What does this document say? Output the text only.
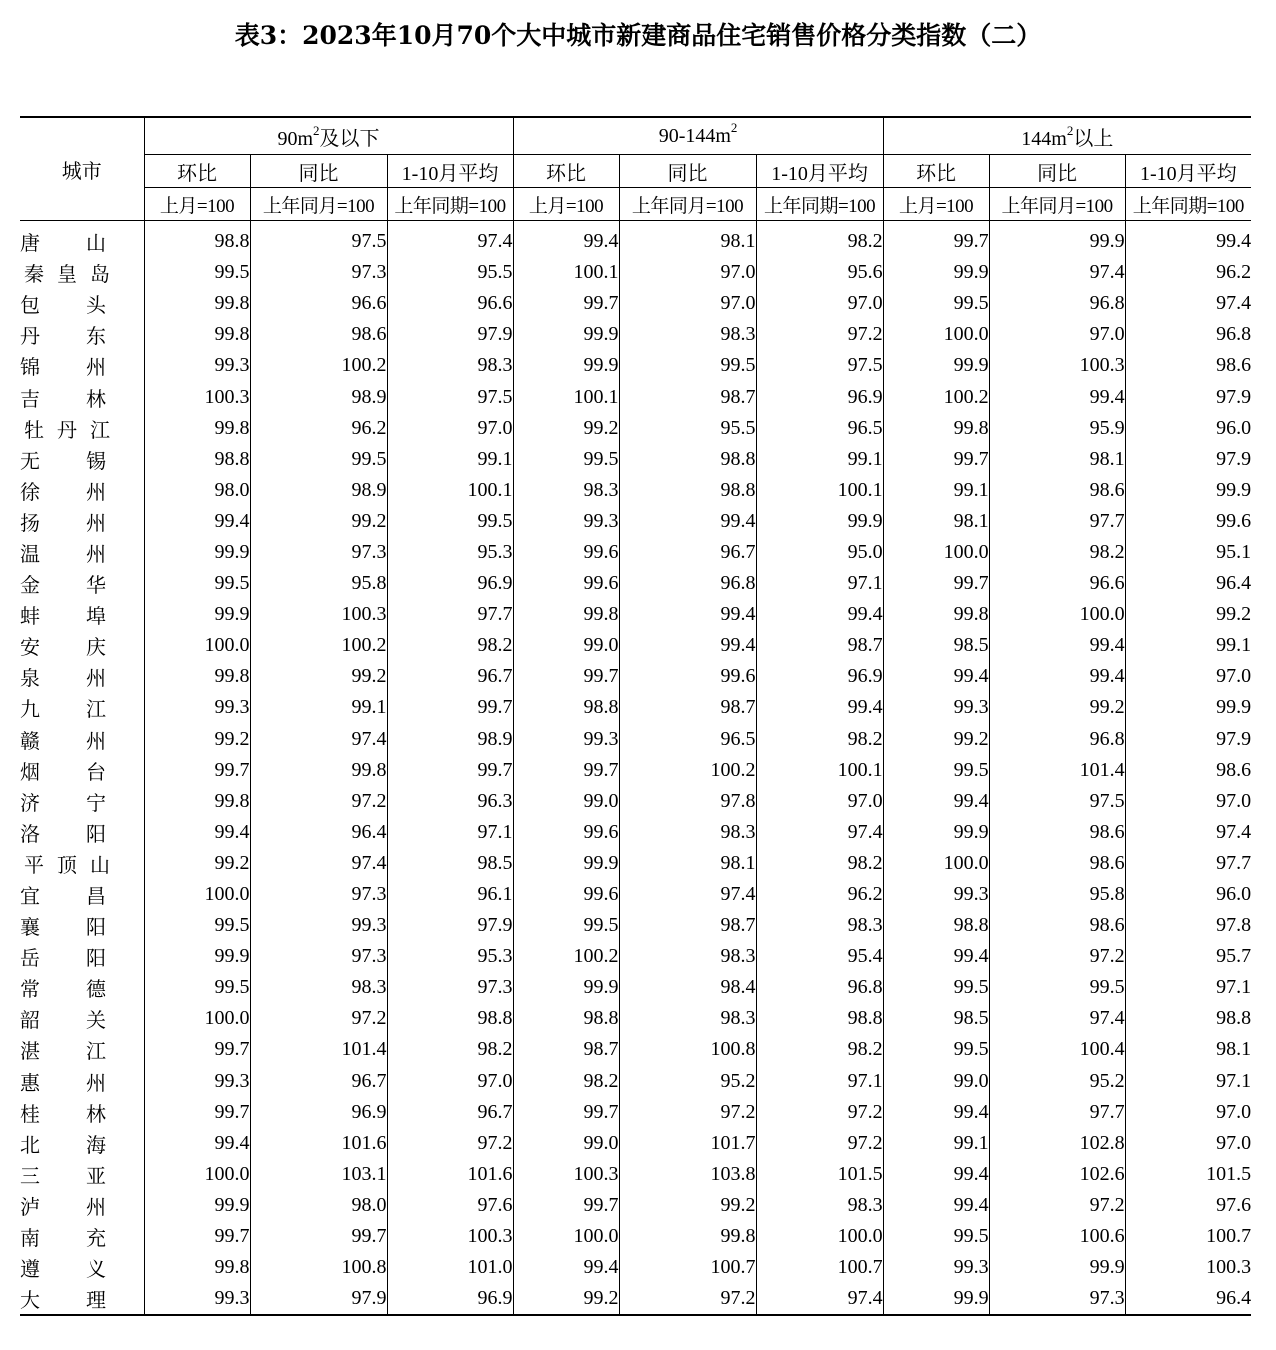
表3：2023年10月70个大中城市新建商品住宅销售价格分类指数（二）
城市	$90m^2$及以下			$90-144m^2$			$144m^2$以上		
	环比	同比	1-10月平均	环比	同比	1-10月平均	环比	同比	1-10月平均
	上月=100	上年同月=100	上年同期=100	上月=100	上年同月=100	上年同期=100	上月=100	上年同月=100	上年同期=100

唐 山	98.8	97.5	97.4	99.4	98.1	98.2	99.7	99.9	99.4

秦 皇 岛	99.5	97.3	95.5	100.1	97.0	95.6	99.9	97.4	96.2

包 头	99.8	96.6	96.6	99.7	97.0	97.0	99.5	96.8	97.4

丹 东	99.8	98.6	97.9	99.9	98.3	97.2	100.0	97.0	96.8

锦 州	99.3	100.2	98.3	99.9	99.5	97.5	99.9	100.3	98.6

吉 林	100.3	98.9	97.5	100.1	98.7	96.9	100.2	99.4	97.9

牡 丹 江	99.8	96.2	97.0	99.2	95.5	96.5	99.8	95.9	96.0

无 锡	98.8	99.5	99.1	99.5	98.8	99.1	99.7	98.1	97.9

徐 州	98.0	98.9	100.1	98.3	98.8	100.1	99.1	98.6	99.9

扬 州	99.4	99.2	99.5	99.3	99.4	99.9	98.1	97.7	99.6

温 州	99.9	97.3	95.3	99.6	96.7	95.0	100.0	98.2	95.1

金 华	99.5	95.8	96.9	99.6	96.8	97.1	99.7	96.6	96.4

蚌 埠	99.9	100.3	97.7	99.8	99.4	99.4	99.8	100.0	99.2

安 庆	100.0	100.2	98.2	99.0	99.4	98.7	98.5	99.4	99.1

泉 州	99.8	99.2	96.7	99.7	99.6	96.9	99.4	99.4	97.0

九 江	99.3	99.1	99.7	98.8	98.7	99.4	99.3	99.2	99.9

赣 州	99.2	97.4	98.9	99.3	96.5	98.2	99.2	96.8	97.9

烟 台	99.7	99.8	99.7	99.7	100.2	100.1	99.5	101.4	98.6

济 宁	99.8	97.2	96.3	99.0	97.8	97.0	99.4	97.5	97.0

洛 阳	99.4	96.4	97.1	99.6	98.3	97.4	99.9	98.6	97.4

平 顶 山	99.2	97.4	98.5	99.9	98.1	98.2	100.0	98.6	97.7

宜 昌	100.0	97.3	96.1	99.6	97.4	96.2	99.3	95.8	96.0

襄 阳	99.5	99.3	97.9	99.5	98.7	98.3	98.8	98.6	97.8

岳 阳	99.9	97.3	95.3	100.2	98.3	95.4	99.4	97.2	95.7

常 德	99.5	98.3	97.3	99.9	98.4	96.8	99.5	99.5	97.1

韶 关	100.0	97.2	98.8	98.8	98.3	98.8	98.5	97.4	98.8

湛 江	99.7	101.4	98.2	98.7	100.8	98.2	99.5	100.4	98.1

惠 州	99.3	96.7	97.0	98.2	95.2	97.1	99.0	95.2	97.1

桂 林	99.7	96.9	96.7	99.7	97.2	97.2	99.4	97.7	97.0

北 海	99.4	101.6	97.2	99.0	101.7	97.2	99.1	102.8	97.0

三 亚	100.0	103.1	101.6	100.3	103.8	101.5	99.4	102.6	101.5

泸 州	99.9	98.0	97.6	99.7	99.2	98.3	99.4	97.2	97.6

南 充	99.7	99.7	100.3	100.0	99.8	100.0	99.5	100.6	100.7

遵 义	99.8	100.8	101.0	99.4	100.7	100.7	99.3	99.9	100.3

大 理	99.3	97.9	96.9	99.2	97.2	97.4	99.9	97.3	96.4
